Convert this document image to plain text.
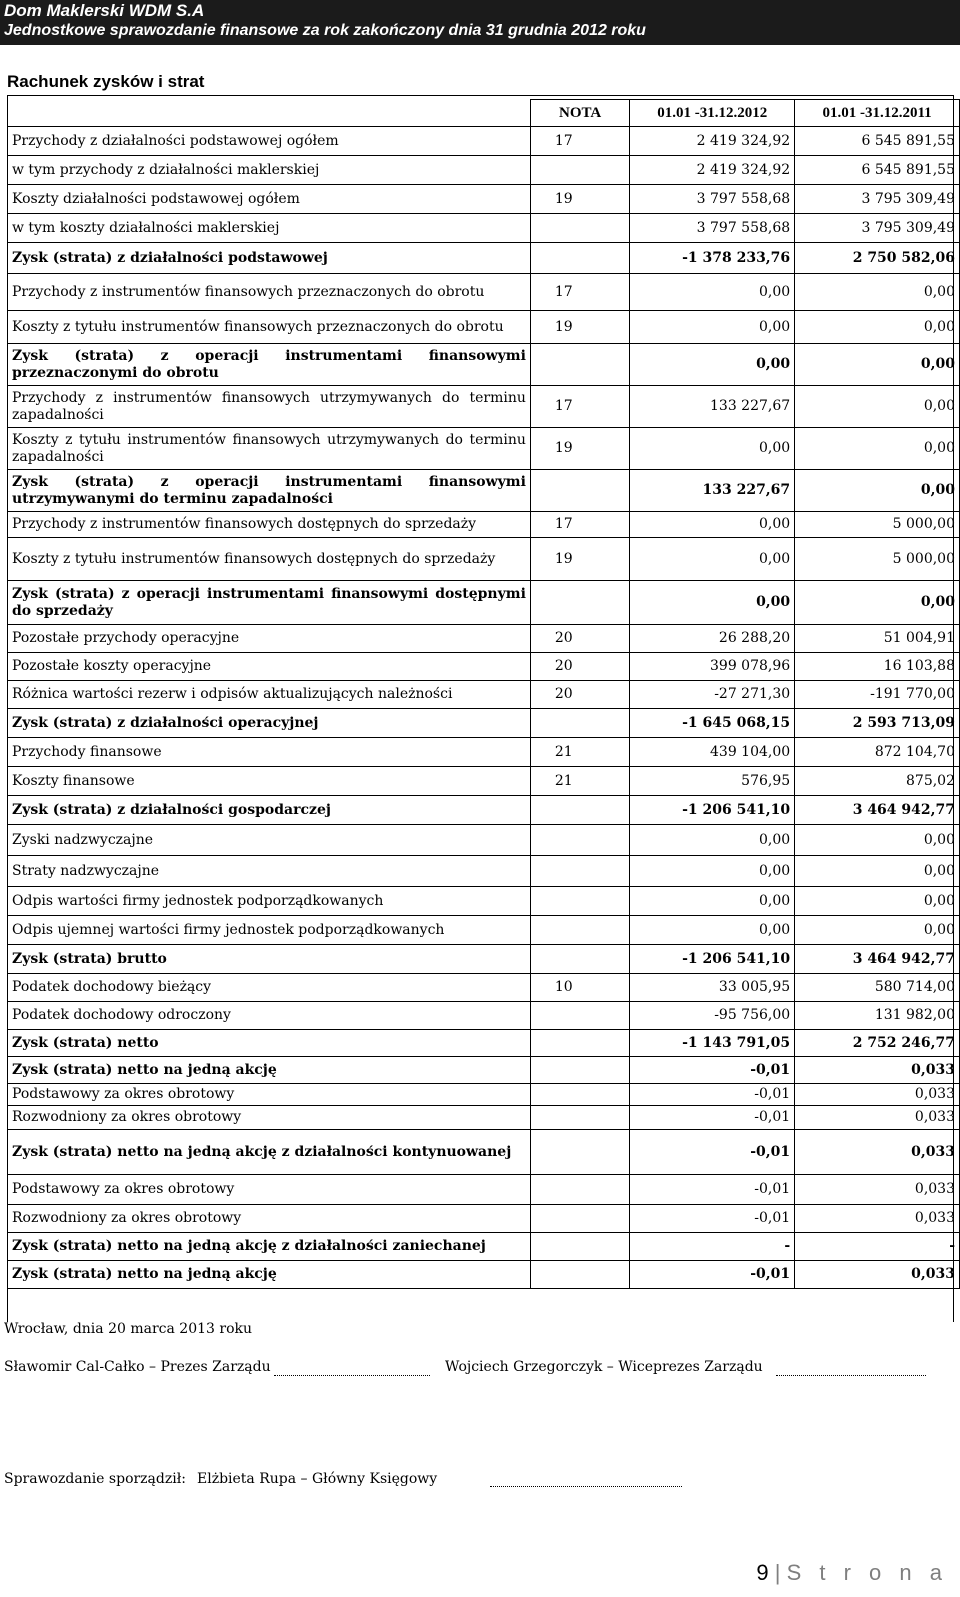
Dom Maklerski WDM S.A
Jednostkowe sprawozdanie finansowe za rok zakończony dnia 31 grudnia 2012 roku
Rachunek zysków i strat
	NOTA	01.01 -31.12.2012	01.01 -31.12.2011
Przychody z działalności podstawowej ogółem	17	2 419 324,92	6 545 891,55
w tym przychody z działalności maklerskiej		2 419 324,92	6 545 891,55
Koszty działalności podstawowej ogółem	19	3 797 558,68	3 795 309,49
w tym koszty działalności maklerskiej		3 797 558,68	3 795 309,49
Zysk (strata) z działalności podstawowej		-1 378 233,76	2 750 582,06
Przychody z instrumentów finansowych przeznaczonych do obrotu	17	0,00	0,00
Koszty z tytułu instrumentów finansowych przeznaczonych do obrotu	19	0,00	0,00
Zysk (strata) z operacji instrumentami finansowymi przeznaczonymi do obrotu		0,00	0,00
Przychody z instrumentów finansowych utrzymywanych do terminu zapadalności	17	133 227,67	0,00
Koszty z tytułu instrumentów finansowych utrzymywanych do terminu zapadalności	19	0,00	0,00
Zysk (strata) z operacji instrumentami finansowymi utrzymywanymi do terminu zapadalności		133 227,67	0,00
Przychody z instrumentów finansowych dostępnych do sprzedaży	17	0,00	5 000,00
Koszty z tytułu instrumentów finansowych dostępnych do sprzedaży	19	0,00	5 000,00
Zysk (strata) z operacji instrumentami finansowymi dostępnymi do sprzedaży		0,00	0,00
Pozostałe przychody operacyjne	20	26 288,20	51 004,91
Pozostałe koszty operacyjne	20	399 078,96	16 103,88
Różnica wartości rezerw i odpisów aktualizujących należności	20	-27 271,30	-191 770,00
Zysk (strata) z działalności operacyjnej		-1 645 068,15	2 593 713,09
Przychody finansowe	21	439 104,00	872 104,70
Koszty finansowe	21	576,95	875,02
Zysk (strata) z działalności gospodarczej		-1 206 541,10	3 464 942,77
Zyski nadzwyczajne		0,00	0,00
Straty nadzwyczajne		0,00	0,00
Odpis wartości firmy jednostek podporządkowanych		0,00	0,00
Odpis ujemnej wartości firmy jednostek podporządkowanych		0,00	0,00
Zysk (strata) brutto		-1 206 541,10	3 464 942,77
Podatek dochodowy bieżący	10	33 005,95	580 714,00
Podatek dochodowy odroczony		-95 756,00	131 982,00
Zysk (strata) netto		-1 143 791,05	2 752 246,77
Zysk (strata) netto na jedną akcję		-0,01	0,033
Podstawowy za okres obrotowy		-0,01	0,033
Rozwodniony za okres obrotowy		-0,01	0,033
Zysk (strata) netto na jedną akcję z działalności kontynuowanej		-0,01	0,033
Podstawowy za okres obrotowy		-0,01	0,033
Rozwodniony za okres obrotowy		-0,01	0,033
Zysk (strata) netto na jedną akcję z działalności zaniechanej		-	-
Zysk (strata) netto na jedną akcję		-0,01	0,033
Wrocław, dnia 20 marca 2013 roku
Sławomir Cal-Całko – Prezes Zarządu	Wojciech Grzegorczyk – Wiceprezes Zarządu
Sprawozdanie sporządził: Elżbieta Rupa – Główny Księgowy
9 | S t r o n a
